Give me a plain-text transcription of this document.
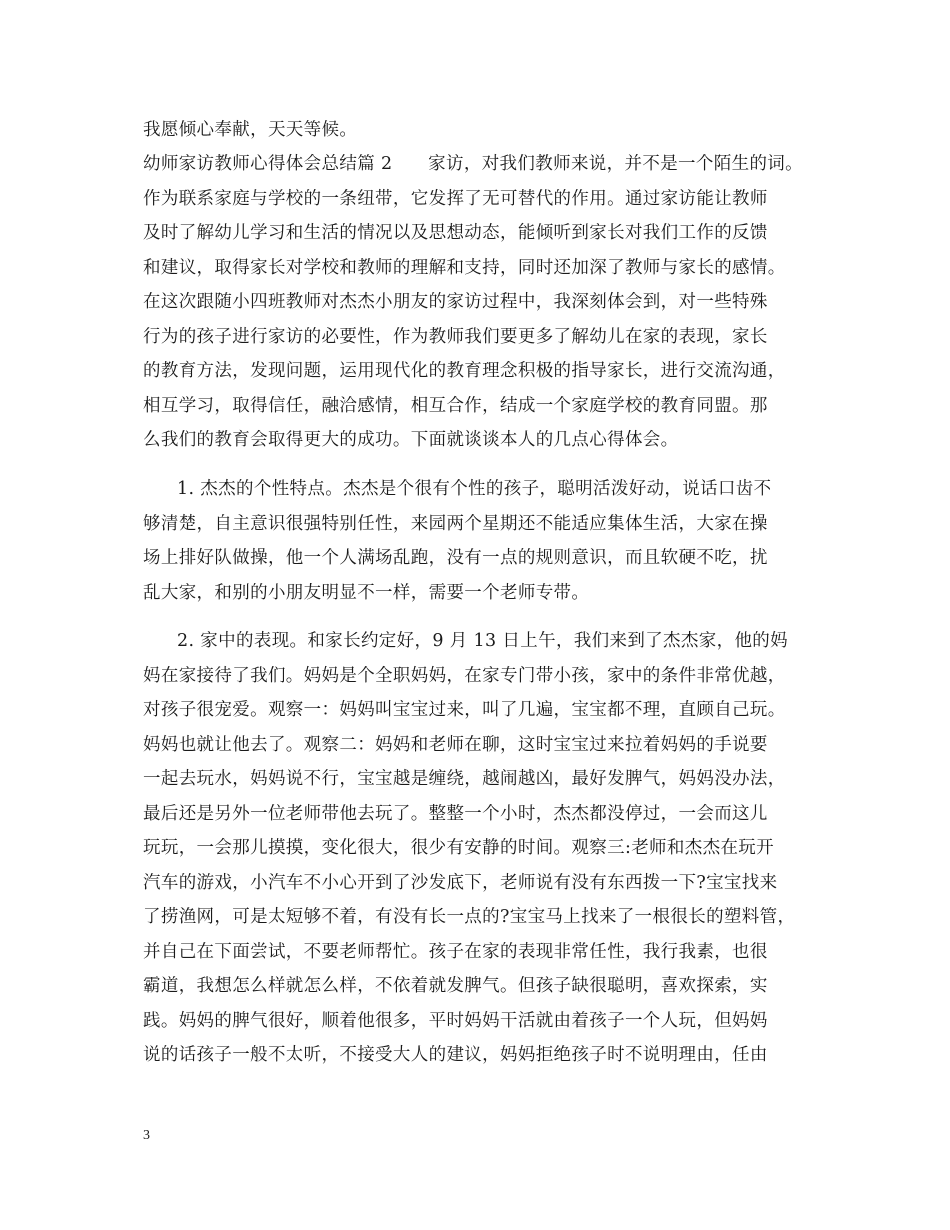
我愿倾心奉献，天天等候。
幼师家访教师心得体会总结篇 2　　家访，对我们教师来说，并不是一个陌生的词。
作为联系家庭与学校的一条纽带，它发挥了无可替代的作用。通过家访能让教师
及时了解幼儿学习和生活的情况以及思想动态，能倾听到家长对我们工作的反馈
和建议，取得家长对学校和教师的理解和支持，同时还加深了教师与家长的感情。
在这次跟随小四班教师对杰杰小朋友的家访过程中，我深刻体会到，对一些特殊
行为的孩子进行家访的必要性，作为教师我们要更多了解幼儿在家的表现，家长
的教育方法，发现问题，运用现代化的教育理念积极的指导家长，进行交流沟通，
相互学习，取得信任，融洽感情，相互合作，结成一个家庭学校的教育同盟。那
么我们的教育会取得更大的成功。下面就谈谈本人的几点心得体会。
1. 杰杰的个性特点。杰杰是个很有个性的孩子，聪明活泼好动，说话口齿不
够清楚，自主意识很强特别任性，来园两个星期还不能适应集体生活，大家在操
场上排好队做操，他一个人满场乱跑，没有一点的规则意识，而且软硬不吃，扰
乱大家，和别的小朋友明显不一样，需要一个老师专带。
2. 家中的表现。和家长约定好，9 月 13 日上午，我们来到了杰杰家，他的妈
妈在家接待了我们。妈妈是个全职妈妈，在家专门带小孩，家中的条件非常优越，
对孩子很宠爱。观察一：妈妈叫宝宝过来，叫了几遍，宝宝都不理，直顾自己玩。
妈妈也就让他去了。观察二：妈妈和老师在聊，这时宝宝过来拉着妈妈的手说要
一起去玩水，妈妈说不行，宝宝越是缠绕，越闹越凶，最好发脾气，妈妈没办法，
最后还是另外一位老师带他去玩了。整整一个小时，杰杰都没停过，一会而这儿
玩玩，一会那儿摸摸，变化很大，很少有安静的时间。观察三:老师和杰杰在玩开
汽车的游戏，小汽车不小心开到了沙发底下，老师说有没有东西拨一下?宝宝找来
了捞渔网，可是太短够不着，有没有长一点的?宝宝马上找来了一根很长的塑料管，
并自己在下面尝试，不要老师帮忙。孩子在家的表现非常任性，我行我素，也很
霸道，我想怎么样就怎么样，不依着就发脾气。但孩子缺很聪明，喜欢探索，实
践。妈妈的脾气很好，顺着他很多，平时妈妈干活就由着孩子一个人玩，但妈妈
说的话孩子一般不太听，不接受大人的建议，妈妈拒绝孩子时不说明理由，任由
3
